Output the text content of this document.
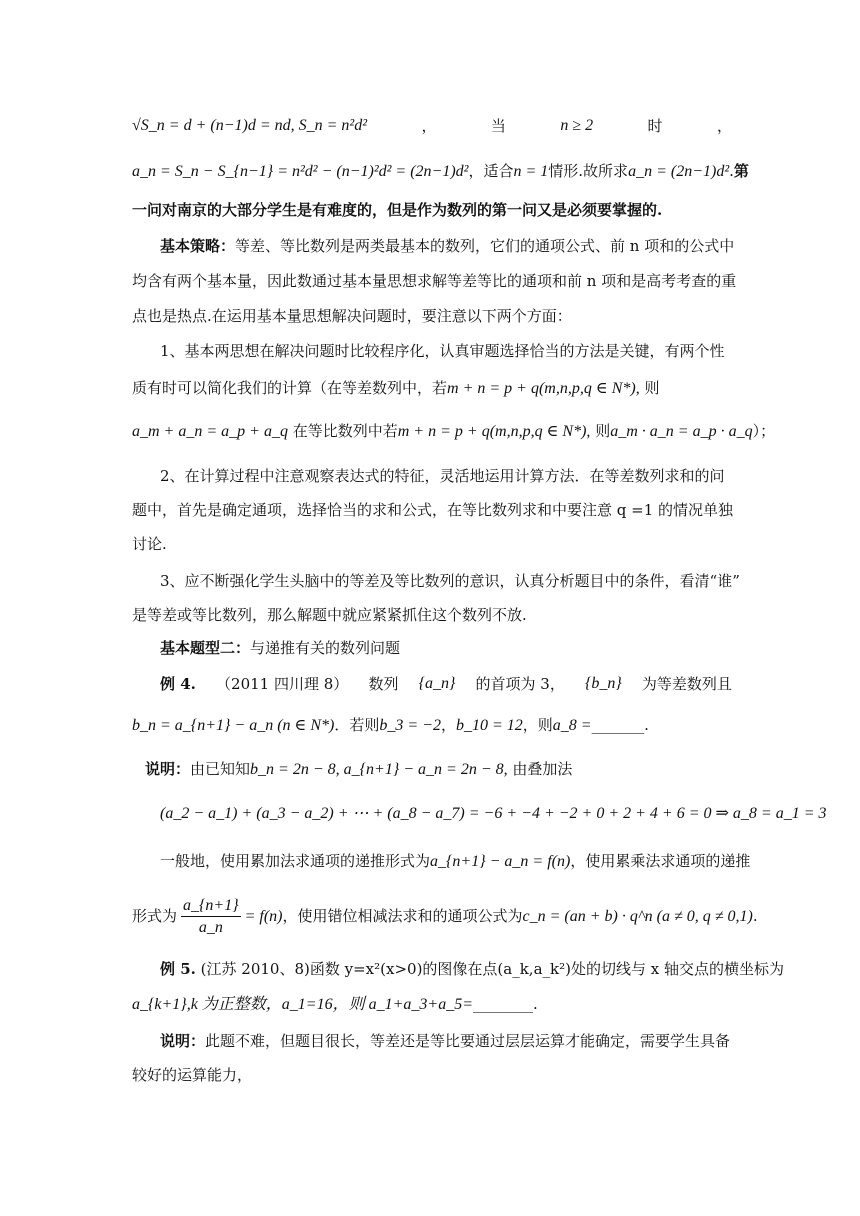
√S_n = d + (n−1)d = nd, S_n = n²d²	，	当	n ≥ 2	时	，
a_n = S_n − S_{n−1} = n²d² − (n−1)²d² = (2n−1)d²，适合n = 1情形.故所求a_n = (2n−1)d².第
一问对南京的大部分学生是有难度的，但是作为数列的第一问又是必须要掌握的.
基本策略：等差、等比数列是两类最基本的数列，它们的通项公式、前 n 项和的公式中
均含有两个基本量，因此数通过基本量思想求解等差等比的通项和前 n 项和是高考考查的重
点也是热点.在运用基本量思想解决问题时，要注意以下两个方面：
1、基本两思想在解决问题时比较程序化，认真审题选择恰当的方法是关键，有两个性
质有时可以简化我们的计算（在等差数列中，若m + n = p + q(m,n,p,q ∈ N*), 则
a_m + a_n = a_p + a_q 在等比数列中若m + n = p + q(m,n,p,q ∈ N*), 则a_m · a_n = a_p · a_q）；
2、在计算过程中注意观察表达式的特征，灵活地运用计算方法．在等差数列求和的问
题中，首先是确定通项，选择恰当的求和公式，在等比数列求和中要注意 q =1 的情况单独
讨论.
3、应不断强化学生头脑中的等差及等比数列的意识，认真分析题目中的条件，看清“谁”
是等差或等比数列，那么解题中就应紧紧抓住这个数列不放.
基本题型二：与递推有关的数列问题
例 4. （2011 四川理 8） 数列 {a_n} 的首项为 3， {b_n} 为等差数列且
b_n = a_{n+1} − a_n (n ∈ N*)．若则b_3 = −2，b_10 = 12，则a_8 =_______.
说明：由已知知b_n = 2n − 8, a_{n+1} − a_n = 2n − 8, 由叠加法
(a_2 − a_1) + (a_3 − a_2) + ⋯ + (a_8 − a_7) = −6 + −4 + −2 + 0 + 2 + 4 + 6 = 0 ⇒ a_8 = a_1 = 3
一般地，使用累加法求通项的递推形式为a_{n+1} − a_n = f(n)，使用累乘法求通项的递推
形式为 $\frac{a\_\{n+1\}}{a\_n} = f(n)$，使用错位相减法求和的通项公式为c_n = (an + b) · q^n (a ≠ 0, q ≠ 0,1).
例 5. (江苏 2010、8)函数 y=x²(x>0)的图像在点(a_k,a_k²)处的切线与 x 轴交点的横坐标为
a_{k+1},k 为正整数，a_1=16，则 a_1+a_3+a_5=________.
说明：此题不难，但题目很长，等差还是等比要通过层层运算才能确定，需要学生具备
较好的运算能力，
